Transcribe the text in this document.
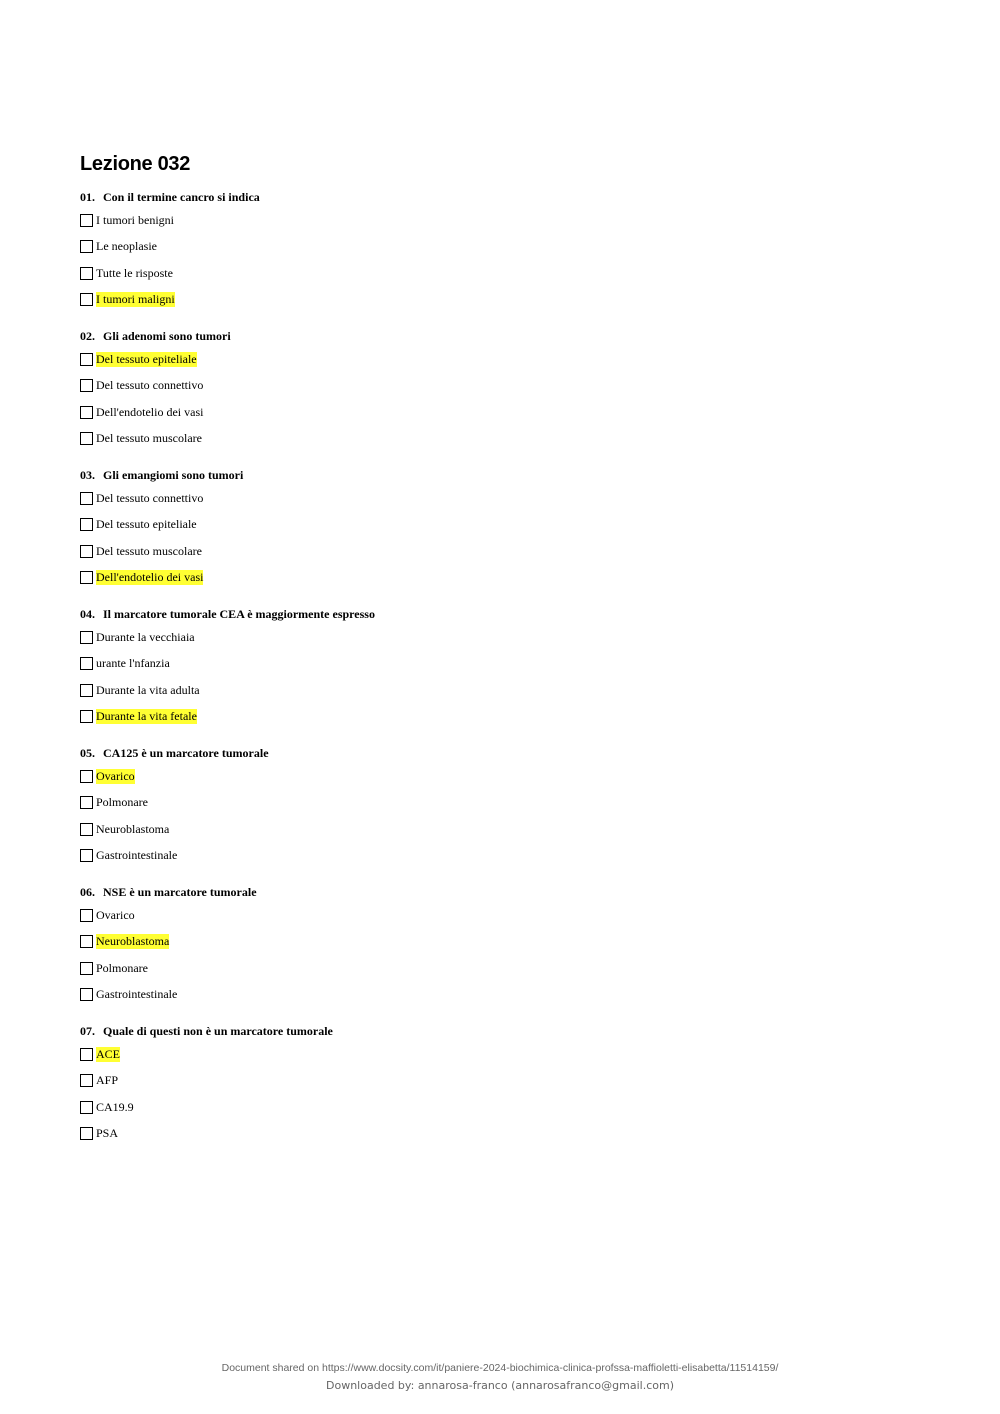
Lezione 032
01. Con il termine cancro si indica
I tumori benigni
Le neoplasie
Tutte le risposte
I tumori maligni
02. Gli adenomi sono tumori
Del tessuto epiteliale
Del tessuto connettivo
Dell'endotelio dei vasi
Del tessuto muscolare
03. Gli emangiomi sono tumori
Del tessuto connettivo
Del tessuto epiteliale
Del tessuto muscolare
Dell'endotelio dei vasi
04. Il marcatore tumorale CEA è maggiormente espresso
Durante la vecchiaia
urante l'nfanzia
Durante la vita adulta
Durante la vita fetale
05. CA125 è un marcatore tumorale
Ovarico
Polmonare
Neuroblastoma
Gastrointestinale
06. NSE è un marcatore tumorale
Ovarico
Neuroblastoma
Polmonare
Gastrointestinale
07. Quale di questi non è un marcatore tumorale
ACE
AFP
CA19.9
PSA
Document shared on https://www.docsity.com/it/paniere-2024-biochimica-clinica-profssa-maffioletti-elisabetta/11514159/
Downloaded by: annarosa-franco (annarosafranco@gmail.com)
